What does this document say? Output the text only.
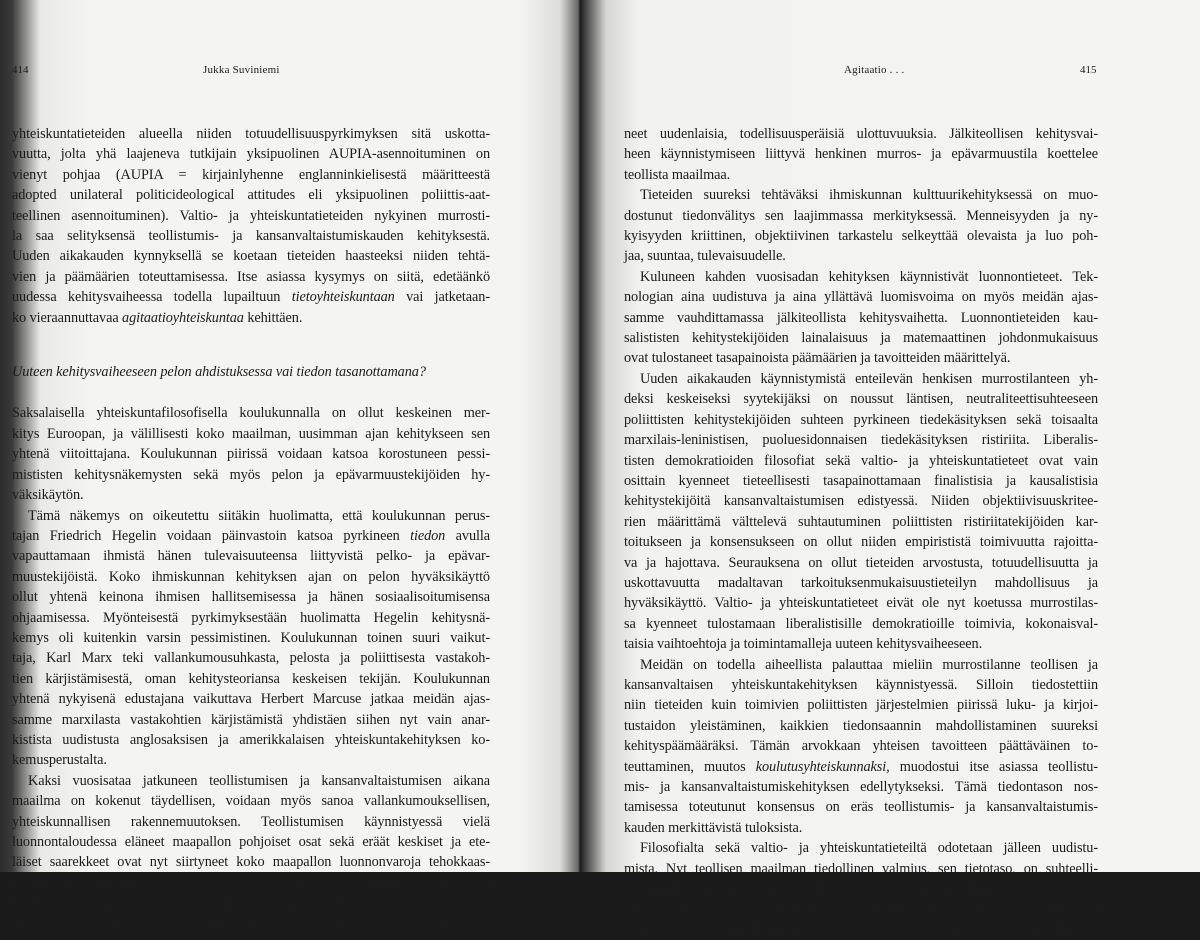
414	Jukka Suviniemi

yhteiskuntatieteiden alueella niiden totuudellisuuspyrkimyksen sitä uskotta-
vuutta, jolta yhä laajeneva tutkijain yksipuolinen AUPIA-asennoituminen on
vienyt pohjaa (AUPIA = kirjainlyhenne englanninkielisestä määritteestä
adopted unilateral politicideological attitudes eli yksipuolinen poliittis-aat-
teellinen asennoituminen). Valtio- ja yhteiskuntatieteiden nykyinen murrosti-
la saa selityksensä teollistumis- ja kansanvaltaistumiskauden kehityksestä.
Uuden aikakauden kynnyksellä se koetaan tieteiden haasteeksi niiden tehtä-
vien ja päämäärien toteuttamisessa. Itse asiassa kysymys on siitä, edetäänkö
uudessa kehitysvaiheessa todella lupailtuun tietoyhteiskuntaan vai jatketaan-
ko vieraannuttavaa agitaatioyhteiskuntaa kehittäen.

Uuteen kehitysvaiheeseen pelon ahdistuksessa vai tiedon tasanottamana?

Saksalaisella yhteiskuntafilosofisella koulukunnalla on ollut keskeinen mer-
kitys Euroopan, ja välillisesti koko maailman, uusimman ajan kehitykseen sen
yhtenä viitoittajana. Koulukunnan piirissä voidaan katsoa korostuneen pessi-
mististen kehitysnäkemysten sekä myös pelon ja epävarmuustekijöiden hy-
väksikäytön.

Tämä näkemys on oikeutettu siitäkin huolimatta, että koulukunnan perus-
tajan Friedrich Hegelin voidaan päinvastoin katsoa pyrkineen tiedon avulla
vapauttamaan ihmistä hänen tulevaisuuteensa liittyvistä pelko- ja epävar-
muustekijöistä. Koko ihmiskunnan kehityksen ajan on pelon hyväksikäyttö
ollut yhtenä keinona ihmisen hallitsemisessa ja hänen sosiaalisoitumisensa
ohjaamisessa. Myönteisestä pyrkimyksestään huolimatta Hegelin kehitysnä-
kemys oli kuitenkin varsin pessimistinen. Koulukunnan toinen suuri vaikut-
taja, Karl Marx teki vallankumousuhkasta, pelosta ja poliittisesta vastakoh-
tien kärjistämisestä, oman kehitysteoriansa keskeisen tekijän. Koulukunnan
yhtenä nykyisenä edustajana vaikuttava Herbert Marcuse jatkaa meidän ajas-
samme marxilasta vastakohtien kärjistämistä yhdistäen siihen nyt vain anar-
kistista uudistusta anglosaksisen ja amerikkalaisen yhteiskuntakehityksen ko-
kemusperustalta.

Kaksi vuosisataa jatkuneen teollistumisen ja kansanvaltaistumisen aikana
maailma on kokenut täydellisen, voidaan myös sanoa vallankumouksellisen,
yhteiskunnallisen rakennemuutoksen. Teollistumisen käynnistyessä vielä
luonnontaloudessa eläneet maapallon pohjoiset osat sekä eräät keskiset ja ete-
läiset saarekkeet ovat nyt siirtyneet koko maapallon luonnonvaroja tehokkaas-
ti, niiden riittävyyden kannalta jopa uhkaavasti, hyödyntävään teolliseen
talouteen. Valtaryhmittymien vastakkaisuus ja sen nostattama ydinasesodan
mahdollisuus varjostavat kehitystä. Pelko ja huoli tulevaisuudesta ovat saa-

Agitaatio . . .	415

neet uudenlaisia, todellisuusperäisiä ulottuvuuksia. Jälkiteollisen kehitysvai-
heen käynnistymiseen liittyvä henkinen murros- ja epävarmuustila koettelee
teollista maailmaa.

Tieteiden suureksi tehtäväksi ihmiskunnan kulttuurikehityksessä on muo-
dostunut tiedonvälitys sen laajimmassa merkityksessä. Menneisyyden ja ny-
kyisyyden kriittinen, objektiivinen tarkastelu selkeyttää olevaista ja luo poh-
jaa, suuntaa, tulevaisuudelle.

Kuluneen kahden vuosisadan kehityksen käynnistivät luonnontieteet. Tek-
nologian aina uudistuva ja aina yllättävä luomisvoima on myös meidän ajas-
samme vauhdittamassa jälkiteollista kehitysvaihetta. Luonnontieteiden kau-
salististen kehitystekijöiden lainalaisuus ja matemaattinen johdonmukaisuus
ovat tulostaneet tasapainoista päämäärien ja tavoitteiden määrittelyä.

Uuden aikakauden käynnistymistä enteilevän henkisen murrostilanteen yh-
deksi keskeiseksi syytekijäksi on noussut läntisen, neutraliteettisuhteeseen
poliittisten kehitystekijöiden suhteen pyrkineen tiedekäsityksen sekä toisaalta
marxilais-leninistisen, puoluesidonnaisen tiedekäsityksen ristiriita. Liberalis-
tisten demokratioiden filosofiat sekä valtio- ja yhteiskuntatieteet ovat vain
osittain kyenneet tieteellisesti tasapainottamaan finalistisia ja kausalistisia
kehitystekijöitä kansanvaltaistumisen edistyessä. Niiden objektiivisuuskriteе-
rien määrittämä välttelevä suhtautuminen poliittisten ristiriitatekijöiden kar-
toitukseen ja konsensukseen on ollut niiden empirististä toimivuutta rajoitta-
va ja hajottava. Seurauksena on ollut tieteiden arvostusta, totuudellisuutta ja
uskottavuutta madaltavan tarkoituksenmukaisuustieteilyn mahdollisuus ja
hyväksikäyttö. Valtio- ja yhteiskuntatieteet eivät ole nyt koetussa murrostilas-
sa kyenneet tulostamaan liberalistisille demokratioille toimivia, kokonaisval-
taisia vaihtoehtoja ja toimintamalleja uuteen kehitysvaiheeseen.

Meidän on todella aiheellista palauttaa mieliin murrostilanne teollisen ja
kansanvaltaisen yhteiskuntakehityksen käynnistyessä. Silloin tiedostettiin
niin tieteiden kuin toimivien poliittisten järjestelmien piirissä luku- ja kirjoi-
tustaidon yleistäminen, kaikkien tiedonsaannin mahdollistaminen suureksi
kehityspäämääräksi. Tämän arvokkaan yhteisen tavoitteen päättäväinen to-
teuttaminen, muutos koulutusyhteiskunnaksi, muodostui itse asiassa teollistu-
mis- ja kansanvaltaistumiskehityksen edellytykseksi. Tämä tiedontason nos-
tamisessa toteutunut konsensus on eräs teollistumis- ja kansanvaltaistumis-
kauden merkittävistä tuloksista.

Filosofialta sekä valtio- ja yhteiskuntatieteiltä odotetaan jälleen uudistu-
mista. Nyt teollisen maailman tiedollinen valmius, sen tietotaso, on suhteelli-
sestikin laajempi ja toimivampi kuin kaksi vuosisataa aikaisemmin. Me eläm-
me jo koulutusyhteiskunnassa. Hegelillä ja Marxilla oli omana aikanaan vielä
perusteita pessimismilleen. Nyt on kysymys siitä, edetäänkö uuteen aikakau-
